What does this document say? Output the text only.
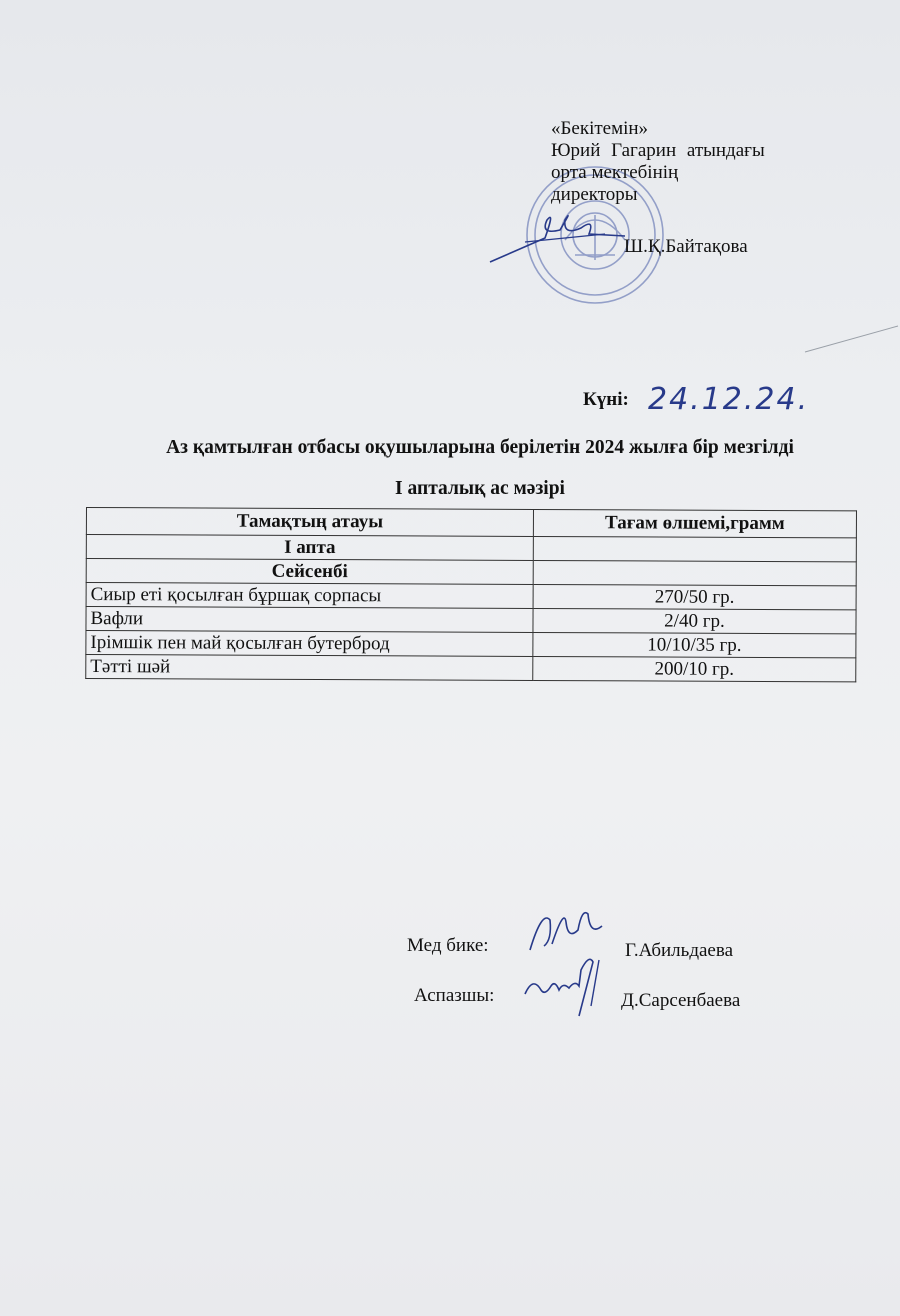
«Бекітемін»
Юрий Гагарин атындағы
орта мектебінің
директоры
Ш.Қ.Байтақова
Күні: 24.12.24.
Аз қамтылған отбасы оқушыларына берілетін 2024 жылға бір мезгілді
I апталық ас мәзірі
Тамақтың атауы	Тағам өлшемі,грамм
I апта	
Сейсенбі	
Сиыр еті қосылған бұршақ сорпасы	270/50 гр.
Вафли	2/40 гр.
Ірімшік пен май қосылған бутерброд	10/10/35 гр.
Тәтті шәй	200/10 гр.
Мед бике:	Г.Абильдаева
Аспазшы:	Д.Сарсенбаева
